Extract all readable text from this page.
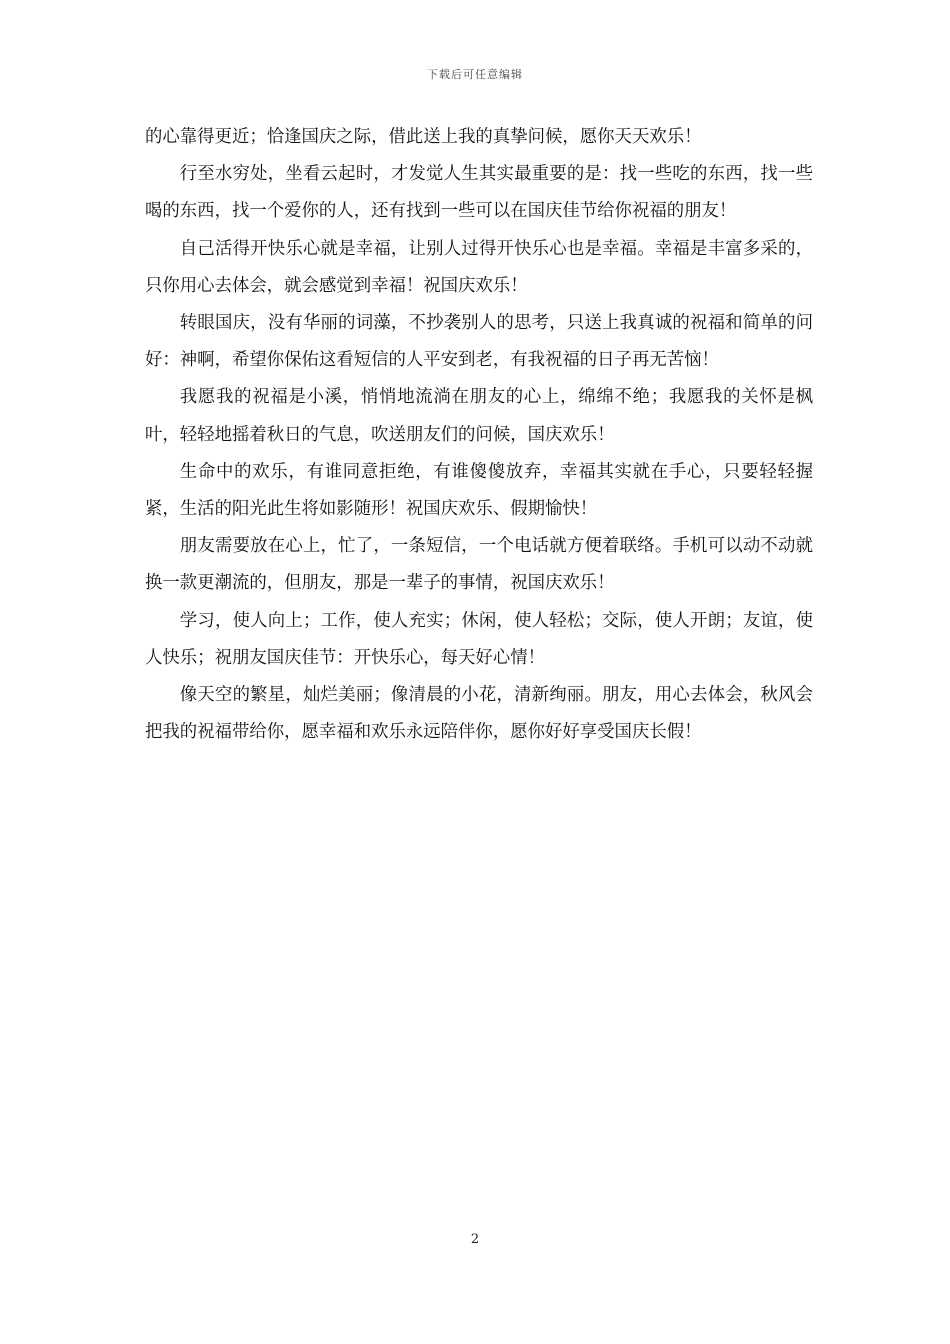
下载后可任意编辑

的心靠得更近；恰逢国庆之际，借此送上我的真挚问候，愿你天天欢乐！

行至水穷处，坐看云起时，才发觉人生其实最重要的是：找一些吃的东西，找一些喝的东西，找一个爱你的人，还有找到一些可以在国庆佳节给你祝福的朋友！

自己活得开快乐心就是幸福，让别人过得开快乐心也是幸福。幸福是丰富多采的，只你用心去体会，就会感觉到幸福！祝国庆欢乐！

转眼国庆，没有华丽的词藻，不抄袭别人的思考，只送上我真诚的祝福和简单的问好：神啊，希望你保佑这看短信的人平安到老，有我祝福的日子再无苦恼！

我愿我的祝福是小溪，悄悄地流淌在朋友的心上，绵绵不绝；我愿我的关怀是枫叶，轻轻地摇着秋日的气息，吹送朋友们的问候，国庆欢乐！

生命中的欢乐，有谁同意拒绝，有谁傻傻放弃，幸福其实就在手心，只要轻轻握紧，生活的阳光此生将如影随形！祝国庆欢乐、假期愉快！

朋友需要放在心上，忙了，一条短信，一个电话就方便着联络。手机可以动不动就换一款更潮流的，但朋友，那是一辈子的事情，祝国庆欢乐！

学习，使人向上；工作，使人充实；休闲，使人轻松；交际，使人开朗；友谊，使人快乐；祝朋友国庆佳节：开快乐心，每天好心情！

像天空的繁星，灿烂美丽；像清晨的小花，清新绚丽。朋友，用心去体会，秋风会把我的祝福带给你，愿幸福和欢乐永远陪伴你，愿你好好享受国庆长假！

2
